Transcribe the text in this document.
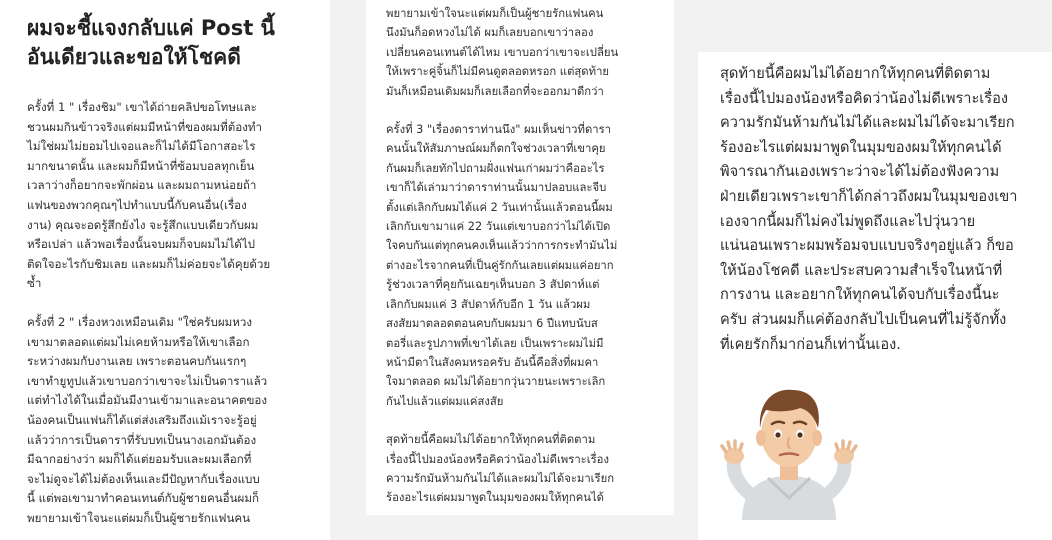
ผมจะชี้แจงกลับแค่ Post นี้
อันเดียวและขอให้โชคดี
ครั้งที่ 1 " เรื่องชิม" เขาได้ถ่ายคลิปขอโทษและ
ชวนผมกินข้าวจริงแต่ผมมีหน้าที่ของผมที่ต้องทำ
ไม่ใช่ผมไม่ยอมไปเจอและก็ไม่ได้มีโอกาสอะไร
มากขนาดนั้น และผมก็มีหน้าที่ซ้อมบอลทุกเย็น
เวลาว่างก็อยากจะพักผ่อน และผมถามหน่อยถ้า
แฟนของพวกคุณๆไปทำแบบนี้กับคนอื่น(เรื่อง
งาน) คุณจะอดรู้สึกยังไง จะรู้สึกแบบเดียวกับผม
หรือเปล่า แล้วพอเรื่องนั้นจบผมก็จบผมไม่ได้ไป
ติดใจอะไรกับชิมเลย และผมก็ไม่ค่อยจะได้คุยด้วย
ซ้ำ
ครั้งที่ 2 " เรื่องหวงเหมือนเดิม "ใช่ครับผมหวง
เขามาตลอดแต่ผมไม่เคยห้ามหรือให้เขาเลือก
ระหว่างผมกับงานเลย เพราะตอนคบกันแรกๆ
เขาทำยูทูปแล้วเขาบอกว่าเขาจะไม่เป็นดาราแล้ว
แต่ทำไงได้ในเมื่อมันมีงานเข้ามาและอนาคตของ
น้องคนเป็นแฟนก็ได้แต่ส่งเสริมถึงแม้เราจะรู้อยู่
แล้วว่าการเป็นดาราที่รับบทเป็นนางเอกมันต้อง
มีฉากอย่างว่า ผมก็ได้แต่ยอมรับและผมเลือกที่
จะไม่ดูจะได้ไม่ต้องเห็นและมีปัญหากับเรื่องแบบ
นี้ แต่พอเขามาทำคอนเทนต์กับผู้ชายคนอื่นผมก็
พยายามเข้าใจนะแต่ผมก็เป็นผู้ชายรักแฟนคน
พยายามเข้าใจนะแต่ผมก็เป็นผู้ชายรักแฟนคน
นึงมันก็อดหวงไม่ได้ ผมก็เลยบอกเขาว่าลอง
เปลี่ยนคอนเทนต์ได้ไหม เขาบอกว่าเขาจะเปลี่ยน
ให้เพราะคู่จิ้นก็ไม่มีคนดูตลอดหรอก แต่สุดท้าย
มันก็เหมือนเดิมผมก็เลยเลือกที่จะออกมาดีกว่า
ครั้งที่ 3 "เรื่องดาราท่านนึง" ผมเห็นข่าวที่ดารา
คนนั้นให้สัมภาษณ์ผมก็ตกใจช่วงเวลาที่เขาคุย
กันผมก็เลยทักไปถามฝั่งแฟนเก่าผมว่าคืออะไร
เขาก็ได้เล่ามาว่าดาราท่านนั้นมาปลอบและจีบ
ตั้งแต่เลิกกับผมได้แค่ 2 วันเท่านั้นแล้วตอนนี้ผม
เลิกกับเขามาแค่ 22 วันแต่เขาบอกว่าไม่ได้เปิด
ใจคบกันแต่ทุกคนคงเห็นแล้วว่าการกระทำมันไม่
ต่างอะไรจากคนที่เป็นคู่รักกันเลยแต่ผมแค่อยาก
รู้ช่วงเวลาที่คุยกันเฉยๆเห็นบอก 3 สัปดาห์แต่
เลิกกับผมแค่ 3 สัปดาห์กับอีก 1 วัน แล้วผม
สงสัยมาตลอดตอนคบกับผมมา 6 ปีแทบนับส
ตอรี่และรูปภาพที่เขาได้เลย เป็นเพราะผมไม่มี
หน้ามีตาในสังคมหรอครับ อันนี้คือสิ่งที่ผมคา
ใจมาตลอด ผมไม่ได้อยากวุ่นวายนะเพราะเลิก
กันไปแล้วแต่ผมแค่สงสัย
สุดท้ายนี้คือผมไม่ได้อยากให้ทุกคนที่ติดตาม
เรื่องนี้ไปมองน้องหรือคิดว่าน้องไม่ดีเพราะเรื่อง
ความรักมันห้ามกันไม่ได้และผมไม่ได้จะมาเรียก
ร้องอะไรแต่ผมมาพูดในมุมของผมให้ทุกคนได้
สุดท้ายนี้คือผมไม่ได้อยากให้ทุกคนที่ติดตาม
เรื่องนี้ไปมองน้องหรือคิดว่าน้องไม่ดีเพราะเรื่อง
ความรักมันห้ามกันไม่ได้และผมไม่ได้จะมาเรียก
ร้องอะไรแต่ผมมาพูดในมุมของผมให้ทุกคนได้
พิจารณากันเองเพราะว่าจะได้ไม่ต้องฟังความ
ฝ่ายเดียวเพราะเขาก็ได้กล่าวถึงผมในมุมของเขา
เองจากนี้ผมก็ไม่คงไม่พูดถึงและไปวุ่นวาย
แน่นอนเพราะผมพร้อมจบแบบจริงๆอยู่แล้ว ก็ขอ
ให้น้องโชคดี และประสบความสำเร็จในหน้าที่
การงาน และอยากให้ทุกคนได้จบกับเรื่องนี้นะ
ครับ ส่วนผมก็แค่ต้องกลับไปเป็นคนที่ไม่รู้จักทั้ง
ที่เคยรักก็มาก่อนก็เท่านั้นเอง.
